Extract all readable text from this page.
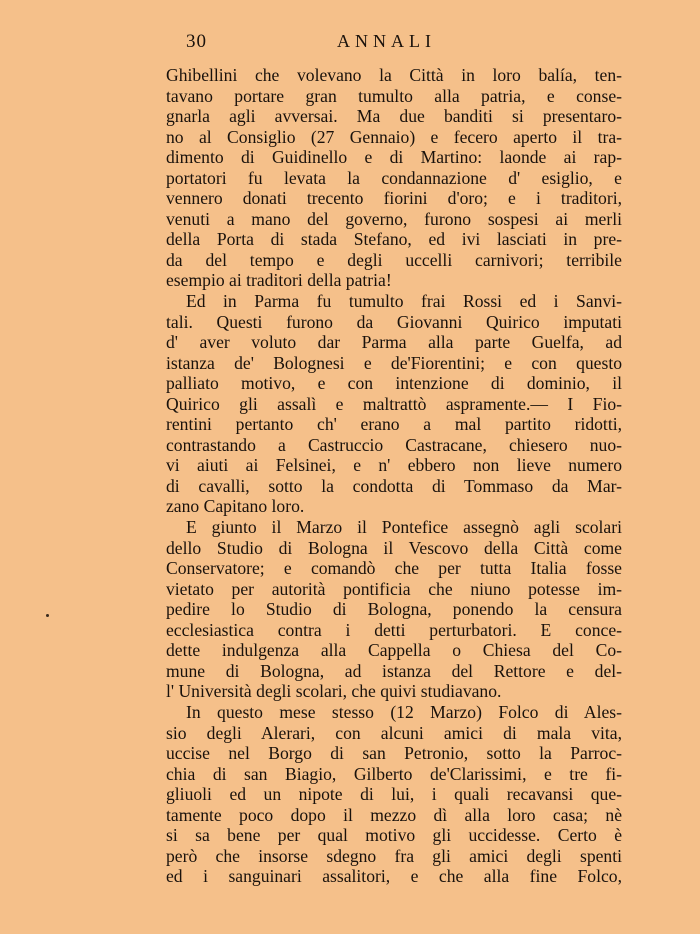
30	ANNALI
Ghibellini che volevano la Città in loro balía, ten-
tavano portare gran tumulto alla patria, e conse-
gnarla agli avversai. Ma due banditi si presentaro-
no al Consiglio (27 Gennaio) e fecero aperto il tra-
dimento di Guidinello e di Martino: laonde ai rap-
portatori fu levata la condannazione d' esiglio, e
vennero donati trecento fiorini d'oro; e i traditori,
venuti a mano del governo, furono sospesi ai merli
della Porta di stada Stefano, ed ivi lasciati in pre-
da del tempo e degli uccelli carnivori; terribile
esempio ai traditori della patria!
Ed in Parma fu tumulto frai Rossi ed i Sanvi-
tali. Questi furono da Giovanni Quirico imputati
d' aver voluto dar Parma alla parte Guelfa, ad
istanza de' Bolognesi e de'Fiorentini; e con questo
palliato motivo, e con intenzione di dominio, il
Quirico gli assalì e maltrattò aspramente.— I Fio-
rentini pertanto ch' erano a mal partito ridotti,
contrastando a Castruccio Castracane, chiesero nuo-
vi aiuti ai Felsinei, e n' ebbero non lieve numero
di cavalli, sotto la condotta di Tommaso da Mar-
zano Capitano loro.
E giunto il Marzo il Pontefice assegnò agli scolari
dello Studio di Bologna il Vescovo della Città come
Conservatore; e comandò che per tutta Italia fosse
vietato per autorità pontificia che niuno potesse im-
pedire lo Studio di Bologna, ponendo la censura
ecclesiastica contra i detti perturbatori. E conce-
dette indulgenza alla Cappella o Chiesa del Co-
mune di Bologna, ad istanza del Rettore e del-
l' Università degli scolari, che quivi studiavano.
In questo mese stesso (12 Marzo) Folco di Ales-
sio degli Alerari, con alcuni amici di mala vita,
uccise nel Borgo di san Petronio, sotto la Parroc-
chia di san Biagio, Gilberto de'Clarissimi, e tre fi-
gliuoli ed un nipote di lui, i quali recavansi que-
tamente poco dopo il mezzo dì alla loro casa; nè
si sa bene per qual motivo gli uccidesse. Certo è
però che insorse sdegno fra gli amici degli spenti
ed i sanguinari assalitori, e che alla fine Folco,
